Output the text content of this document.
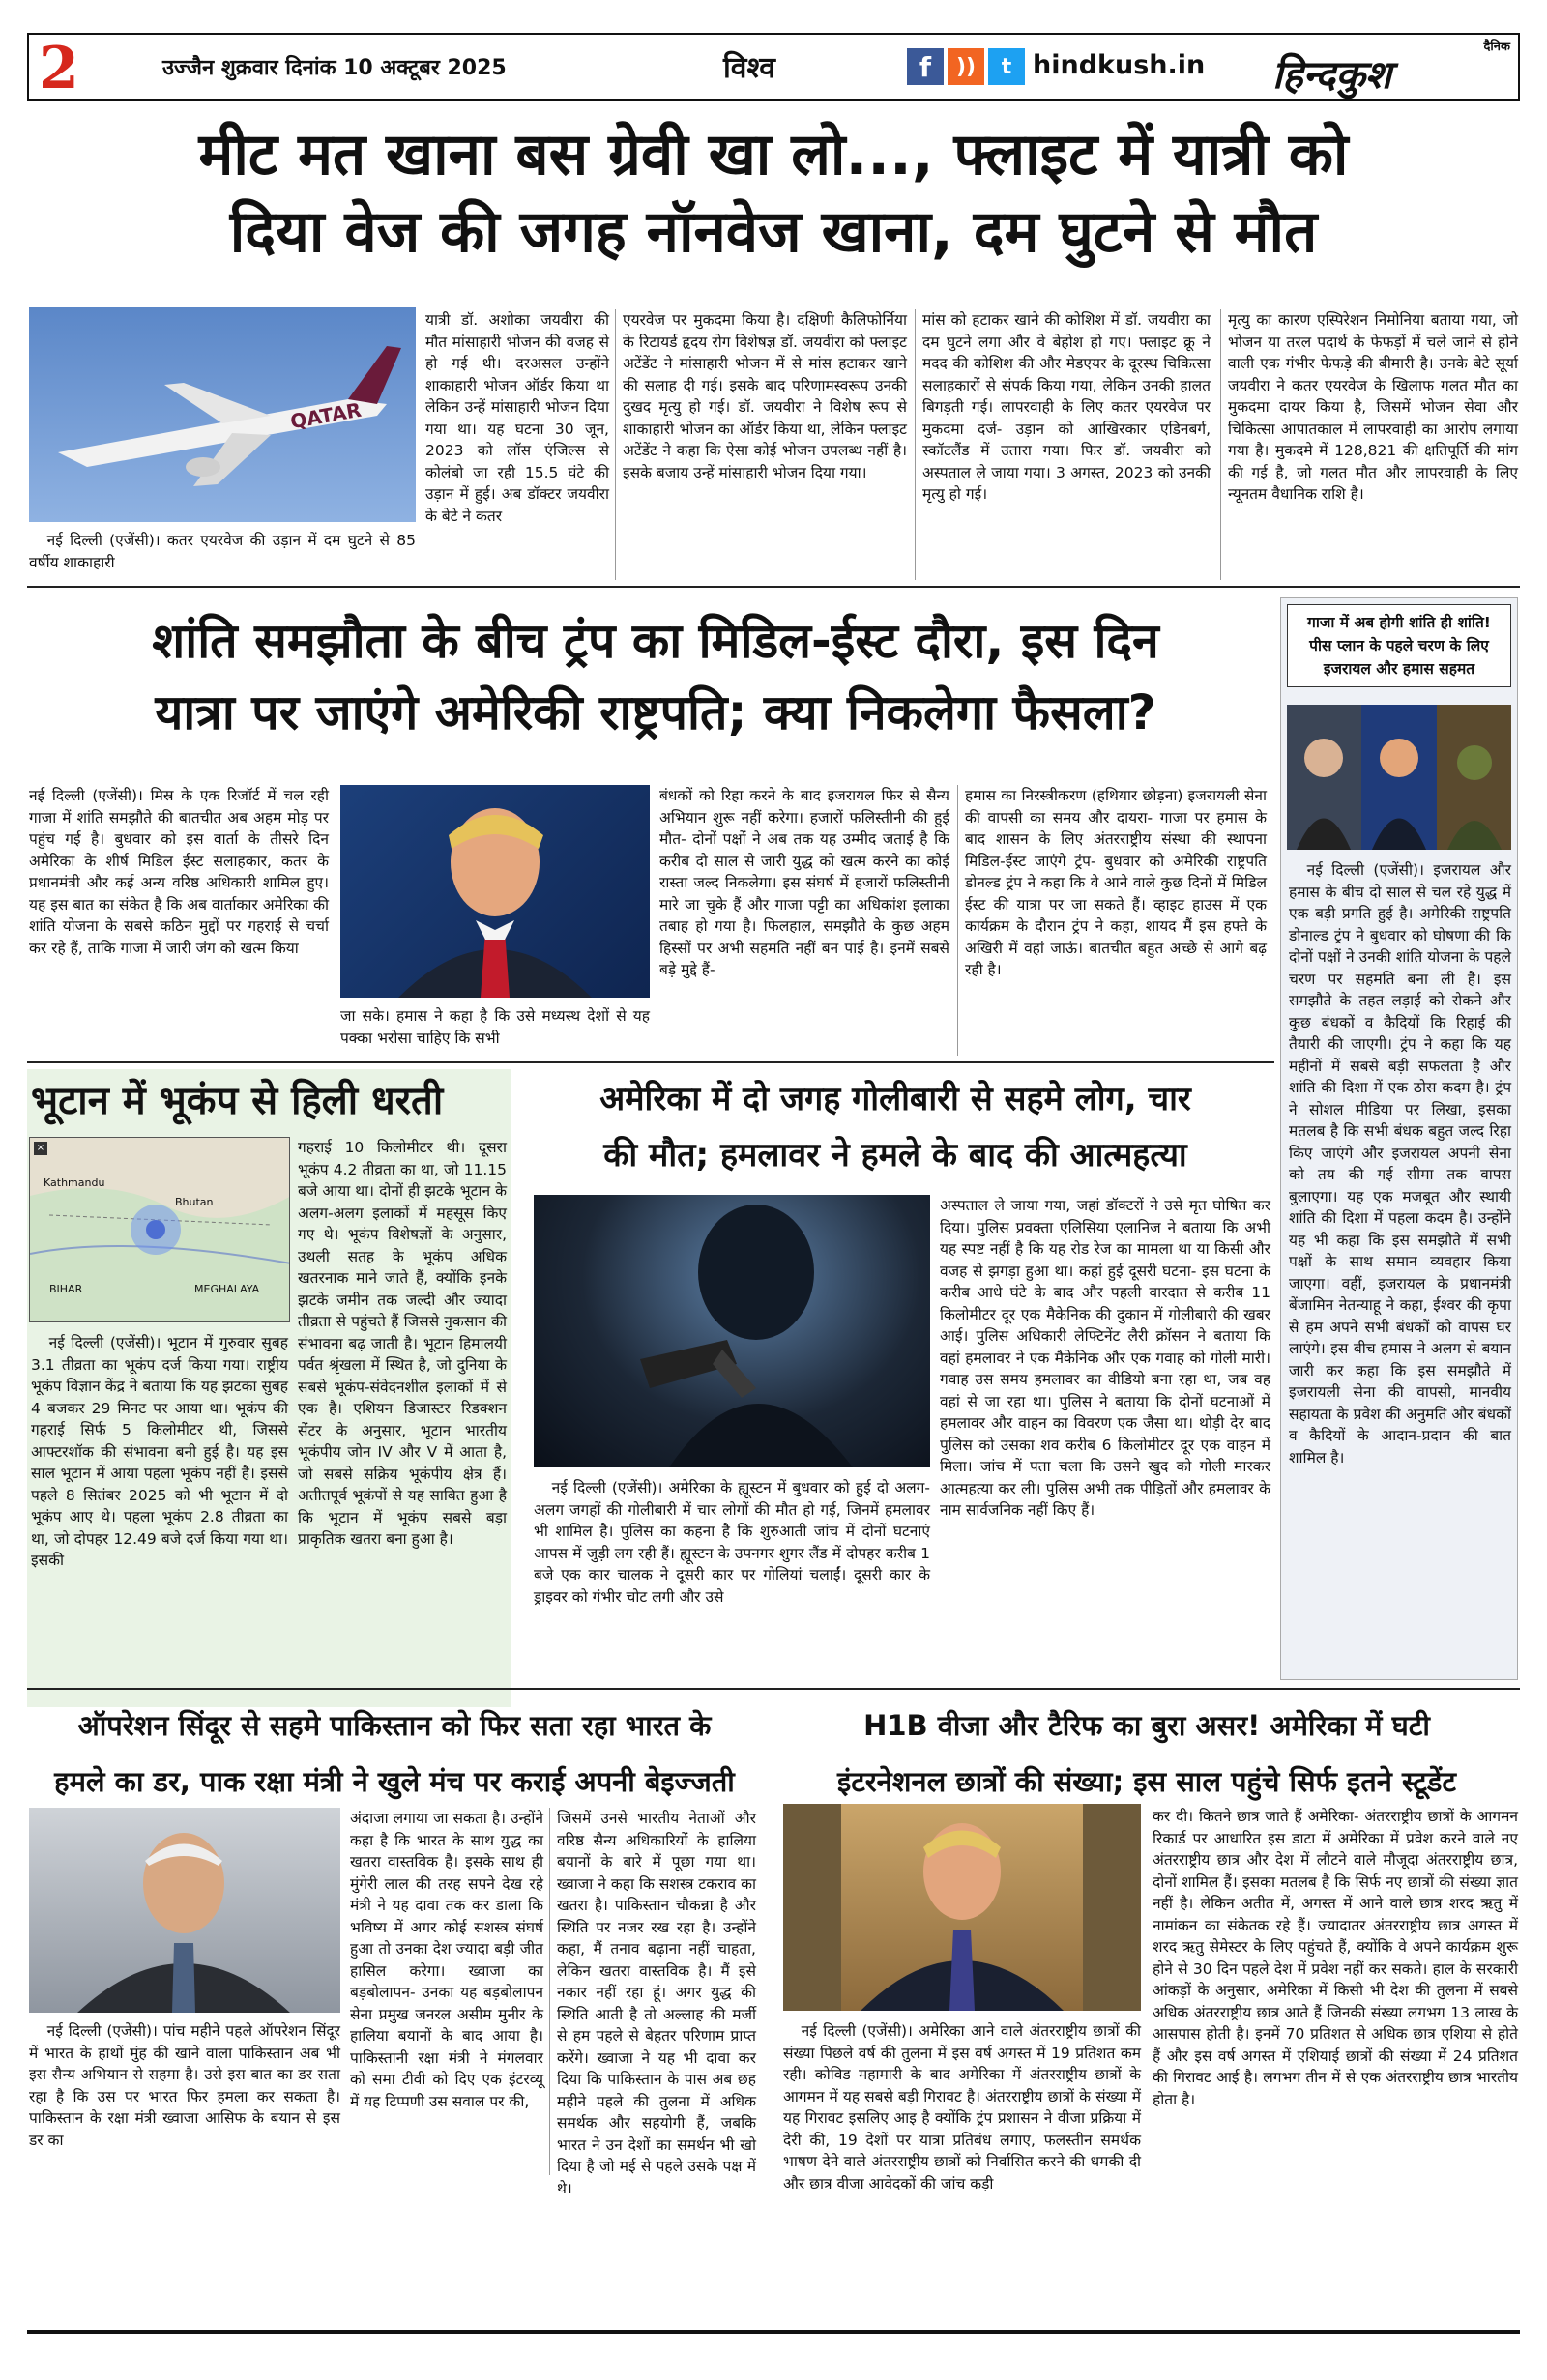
2	उज्जैन शुक्रवार दिनांक 10 अक्टूबर 2025	विश्व	f	))	t hindkush.in
दैनिक
हिन्दकुश
मीट मत खाना बस ग्रेवी खा लो..., फ्लाइट में यात्री को
दिया वेज की जगह नॉनवेज खाना, दम घुटने से मौत
QATAR
नई दिल्ली (एजेंसी)। कतर एयरवेज की उड़ान में दम घुटने से 85 वर्षीय शाकाहारी
यात्री डॉ. अशोका जयवीरा की मौत मांसाहारी भोजन की वजह से हो गई थी। दरअसल उन्होंने शाकाहारी भोजन ऑर्डर किया था लेकिन उन्हें मांसाहारी भोजन दिया गया था। यह घटना 30 जून, 2023 को लॉस एंजिल्स से कोलंबो जा रही 15.5 घंटे की उड़ान में हुई। अब डॉक्टर जयवीरा के बेटे ने कतर
एयरवेज पर मुकदमा किया है। दक्षिणी कैलिफोर्निया के रिटायर्ड हृदय रोग विशेषज्ञ डॉ. जयवीरा को फ्लाइट अटेंडेंट ने मांसाहारी भोजन में से मांस हटाकर खाने की सलाह दी गई। इसके बाद परिणामस्वरूप उनकी दुखद मृत्यु हो गई। डॉ. जयवीरा ने विशेष रूप से शाकाहारी भोजन का ऑर्डर किया था, लेकिन फ्लाइट अटेंडेंट ने कहा कि ऐसा कोई भोजन उपलब्ध नहीं है। इसके बजाय उन्हें मांसाहारी भोजन दिया गया।
मांस को हटाकर खाने की कोशिश में डॉ. जयवीरा का दम घुटने लगा और वे बेहोश हो गए। फ्लाइट क्रू ने मदद की कोशिश की और मेडएयर के दूरस्थ चिकित्सा सलाहकारों से संपर्क किया गया, लेकिन उनकी हालत बिगड़ती गई। लापरवाही के लिए कतर एयरवेज पर मुकदमा दर्ज- उड़ान को आखिरकार एडिनबर्ग, स्कॉटलैंड में उतारा गया। फिर डॉ. जयवीरा को अस्पताल ले जाया गया। 3 अगस्त, 2023 को उनकी मृत्यु हो गई।
मृत्यु का कारण एस्पिरेशन निमोनिया बताया गया, जो भोजन या तरल पदार्थ के फेफड़ों में चले जाने से होने वाली एक गंभीर फेफड़े की बीमारी है। उनके बेटे सूर्या जयवीरा ने कतर एयरवेज के खिलाफ गलत मौत का मुकदमा दायर किया है, जिसमें भोजन सेवा और चिकित्सा आपातकाल में लापरवाही का आरोप लगाया गया है। मुकदमे में 128,821 की क्षतिपूर्ति की मांग की गई है, जो गलत मौत और लापरवाही के लिए न्यूनतम वैधानिक राशि है।
शांति समझौता के बीच ट्रंप का मिडिल-ईस्ट दौरा, इस दिन
यात्रा पर जाएंगे अमेरिकी राष्ट्रपति; क्या निकलेगा फैसला?
नई दिल्ली (एजेंसी)। मिस्र के एक रिजॉर्ट में चल रही गाजा में शांति समझौते की बातचीत अब अहम मोड़ पर पहुंच गई है। बुधवार को इस वार्ता के तीसरे दिन अमेरिका के शीर्ष मिडिल ईस्ट सलाहकार, कतर के प्रधानमंत्री और कई अन्य वरिष्ठ अधिकारी शामिल हुए। यह इस बात का संकेत है कि अब वार्ताकार अमेरिका की शांति योजना के सबसे कठिन मुद्दों पर गहराई से चर्चा कर रहे हैं, ताकि गाजा में जारी जंग को खत्म किया
जा सके। हमास ने कहा है कि उसे मध्यस्थ देशों से यह पक्का भरोसा चाहिए कि सभी
बंधकों को रिहा करने के बाद इजरायल फिर से सैन्य अभियान शुरू नहीं करेगा। हजारों फलिस्तीनी की हुई मौत- दोनों पक्षों ने अब तक यह उम्मीद जताई है कि करीब दो साल से जारी युद्ध को खत्म करने का कोई रास्ता जल्द निकलेगा। इस संघर्ष में हजारों फलिस्तीनी मारे जा चुके हैं और गाजा पट्टी का अधिकांश इलाका तबाह हो गया है। फिलहाल, समझौते के कुछ अहम हिस्सों पर अभी सहमति नहीं बन पाई है। इनमें सबसे बड़े मुद्दे हैं-
हमास का निरस्त्रीकरण (हथियार छोड़ना) इजरायली सेना की वापसी का समय और दायरा- गाजा पर हमास के बाद शासन के लिए अंतरराष्ट्रीय संस्था की स्थापना मिडिल-ईस्ट जाएंगे ट्रंप- बुधवार को अमेरिकी राष्ट्रपति डोनल्ड ट्रंप ने कहा कि वे आने वाले कुछ दिनों में मिडिल ईस्ट की यात्रा पर जा सकते हैं। व्हाइट हाउस में एक कार्यक्रम के दौरान ट्रंप ने कहा, शायद मैं इस हफ्ते के अखिरी में वहां जाऊं। बातचीत बहुत अच्छे से आगे बढ़ रही है।
गाजा में अब होगी शांति ही शांति!
पीस प्लान के पहले चरण के लिए
इजरायल और हमास सहमत
नई दिल्ली (एजेंसी)। इजरायल और हमास के बीच दो साल से चल रहे युद्ध में एक बड़ी प्रगति हुई है। अमेरिकी राष्ट्रपति डोनाल्ड ट्रंप ने बुधवार को घोषणा की कि दोनों पक्षों ने उनकी शांति योजना के पहले चरण पर सहमति बना ली है। इस समझौते के तहत लड़ाई को रोकने और कुछ बंधकों व कैदियों कि रिहाई की तैयारी की जाएगी। ट्रंप ने कहा कि यह महीनों में सबसे बड़ी सफलता है और शांति की दिशा में एक ठोस कदम है। ट्रंप ने सोशल मीडिया पर लिखा, इसका मतलब है कि सभी बंधक बहुत जल्द रिहा किए जाएंगे और इजरायल अपनी सेना को तय की गई सीमा तक वापस बुलाएगा। यह एक मजबूत और स्थायी शांति की दिशा में पहला कदम है। उन्होंने यह भी कहा कि इस समझौते में सभी पक्षों के साथ समान व्यवहार किया जाएगा। वहीं, इजरायल के प्रधानमंत्री बेंजामिन नेतन्याहू ने कहा, ईश्वर की कृपा से हम अपने सभी बंधकों को वापस घर लाएंगे। इस बीच हमास ने अलग से बयान जारी कर कहा कि इस समझौते में इजरायली सेना की वापसी, मानवीय सहायता के प्रवेश की अनुमति और बंधकों व कैदियों के आदान-प्रदान की बात शामिल है।
भूटान में भूकंप से हिली धरती
Kathmandu
Bhutan
BIHAR	MEGHALAYA
×
नई दिल्ली (एजेंसी)। भूटान में गुरुवार सुबह 3.1 तीव्रता का भूकंप दर्ज किया गया। राष्ट्रीय भूकंप विज्ञान केंद्र ने बताया कि यह झटका सुबह 4 बजकर 29 मिनट पर आया था। भूकंप की गहराई सिर्फ 5 किलोमीटर थी, जिससे आफ्टरशॉक की संभावना बनी हुई है। यह इस साल भूटान में आया पहला भूकंप नहीं है। इससे पहले 8 सितंबर 2025 को भी भूटान में दो भूकंप आए थे। पहला भूकंप 2.8 तीव्रता का था, जो दोपहर 12.49 बजे दर्ज किया गया था। इसकी
गहराई 10 किलोमीटर थी। दूसरा भूकंप 4.2 तीव्रता का था, जो 11.15 बजे आया था। दोनों ही झटके भूटान के अलग-अलग इलाकों में महसूस किए गए थे। भूकंप विशेषज्ञों के अनुसार, उथली सतह के भूकंप अधिक खतरनाक माने जाते हैं, क्योंकि इनके झटके जमीन तक जल्दी और ज्यादा तीव्रता से पहुंचते हैं जिससे नुकसान की संभावना बढ़ जाती है। भूटान हिमालयी पर्वत श्रृंखला में स्थित है, जो दुनिया के सबसे भूकंप-संवेदनशील इलाकों में से एक है। एशियन डिजास्टर रिडक्शन सेंटर के अनुसार, भूटान भारतीय भूकंपीय जोन IV और V में आता है, जो सबसे सक्रिय भूकंपीय क्षेत्र हैं। अतीतपूर्व भूकंपों से यह साबित हुआ है कि भूटान में भूकंप सबसे बड़ा प्राकृतिक खतरा बना हुआ है।
अमेरिका में दो जगह गोलीबारी से सहमे लोग, चार
की मौत; हमलावर ने हमले के बाद की आत्महत्या
नई दिल्ली (एजेंसी)। अमेरिका के ह्यूस्टन में बुधवार को हुई दो अलग-अलग जगहों की गोलीबारी में चार लोगों की मौत हो गई, जिनमें हमलावर भी शामिल है। पुलिस का कहना है कि शुरुआती जांच में दोनों घटनाएं आपस में जुड़ी लग रही हैं। ह्यूस्टन के उपनगर शुगर लैंड में दोपहर करीब 1 बजे एक कार चालक ने दूसरी कार पर गोलियां चलाईं। दूसरी कार के ड्राइवर को गंभीर चोट लगी और उसे
अस्पताल ले जाया गया, जहां डॉक्टरों ने उसे मृत घोषित कर दिया। पुलिस प्रवक्ता एलिसिया एलानिज ने बताया कि अभी यह स्पष्ट नहीं है कि यह रोड रेज का मामला था या किसी और वजह से झगड़ा हुआ था। कहां हुई दूसरी घटना- इस घटना के करीब आधे घंटे के बाद और पहली वारदात से करीब 11 किलोमीटर दूर एक मैकेनिक की दुकान में गोलीबारी की खबर आई। पुलिस अधिकारी लेफ्टिनेंट लैरी क्रॉसन ने बताया कि वहां हमलावर ने एक मैकेनिक और एक गवाह को गोली मारी। गवाह उस समय हमलावर का वीडियो बना रहा था, जब वह वहां से जा रहा था। पुलिस ने बताया कि दोनों घटनाओं में हमलावर और वाहन का विवरण एक जैसा था। थोड़ी देर बाद पुलिस को उसका शव करीब 6 किलोमीटर दूर एक वाहन में मिला। जांच में पता चला कि उसने खुद को गोली मारकर आत्महत्या कर ली। पुलिस अभी तक पीड़ितों और हमलावर के नाम सार्वजनिक नहीं किए हैं।
ऑपरेशन सिंदूर से सहमे पाकिस्तान को फिर सता रहा भारत के
हमले का डर, पाक रक्षा मंत्री ने खुले मंच पर कराई अपनी बेइज्जती
नई दिल्ली (एजेंसी)। पांच महीने पहले ऑपरेशन सिंदूर में भारत के हाथों मुंह की खाने वाला पाकिस्तान अब भी इस सैन्य अभियान से सहमा है। उसे इस बात का डर सता रहा है कि उस पर भारत फिर हमला कर सकता है। पाकिस्तान के रक्षा मंत्री ख्वाजा आसिफ के बयान से इस डर का
अंदाजा लगाया जा सकता है। उन्होंने कहा है कि भारत के साथ युद्ध का खतरा वास्तविक है। इसके साथ ही मुंगेरी लाल की तरह सपने देख रहे मंत्री ने यह दावा तक कर डाला कि भविष्य में अगर कोई सशस्त्र संघर्ष हुआ तो उनका देश ज्यादा बड़ी जीत हासिल करेगा। ख्वाजा का बड़बोलापन- उनका यह बड़बोलापन सेना प्रमुख जनरल असीम मुनीर के हालिया बयानों के बाद आया है। पाकिस्तानी रक्षा मंत्री ने मंगलवार को समा टीवी को दिए एक इंटरव्यू में यह टिप्पणी उस सवाल पर की,
जिसमें उनसे भारतीय नेताओं और वरिष्ठ सैन्य अधिकारियों के हालिया बयानों के बारे में पूछा गया था। ख्वाजा ने कहा कि सशस्त्र टकराव का खतरा है। पाकिस्तान चौकन्ना है और स्थिति पर नजर रख रहा है। उन्होंने कहा, मैं तनाव बढ़ाना नहीं चाहता, लेकिन खतरा वास्तविक है। मैं इसे नकार नहीं रहा हूं। अगर युद्ध की स्थिति आती है तो अल्लाह की मर्जी से हम पहले से बेहतर परिणाम प्राप्त करेंगे। ख्वाजा ने यह भी दावा कर दिया कि पाकिस्तान के पास अब छह महीने पहले की तुलना में अधिक समर्थक और सहयोगी हैं, जबकि भारत ने उन देशों का समर्थन भी खो दिया है जो मई से पहले उसके पक्ष में थे।
H1B वीजा और टैरिफ का बुरा असर! अमेरिका में घटी
इंटरनेशनल छात्रों की संख्या; इस साल पहुंचे सिर्फ इतने स्टूडेंट
नई दिल्ली (एजेंसी)। अमेरिका आने वाले अंतरराष्ट्रीय छात्रों की संख्या पिछले वर्ष की तुलना में इस वर्ष अगस्त में 19 प्रतिशत कम रही। कोविड महामारी के बाद अमेरिका में अंतरराष्ट्रीय छात्रों के आगमन में यह सबसे बड़ी गिरावट है। अंतरराष्ट्रीय छात्रों के संख्या में यह गिरावट इसलिए आइ है क्योंकि ट्रंप प्रशासन ने वीजा प्रक्रिया में देरी की, 19 देशों पर यात्रा प्रतिबंध लगाए, फलस्तीन समर्थक भाषण देने वाले अंतरराष्ट्रीय छात्रों को निर्वासित करने की धमकी दी और छात्र वीजा आवेदकों की जांच कड़ी
कर दी। कितने छात्र जाते हैं अमेरिका- अंतरराष्ट्रीय छात्रों के आगमन रिकार्ड पर आधारित इस डाटा में अमेरिका में प्रवेश करने वाले नए अंतरराष्ट्रीय छात्र और देश में लौटने वाले मौजूदा अंतरराष्ट्रीय छात्र, दोनों शामिल हैं। इसका मतलब है कि सिर्फ नए छात्रों की संख्या ज्ञात नहीं है। लेकिन अतीत में, अगस्त में आने वाले छात्र शरद ऋतु में नामांकन का संकेतक रहे हैं। ज्यादातर अंतरराष्ट्रीय छात्र अगस्त में शरद ऋतु सेमेस्टर के लिए पहुंचते हैं, क्योंकि वे अपने कार्यक्रम शुरू होने से 30 दिन पहले देश में प्रवेश नहीं कर सकते। हाल के सरकारी आंकड़ों के अनुसार, अमेरिका में किसी भी देश की तुलना में सबसे अधिक अंतरराष्ट्रीय छात्र आते हैं जिनकी संख्या लगभग 13 लाख के आसपास होती है। इनमें 70 प्रतिशत से अधिक छात्र एशिया से होते हैं और इस वर्ष अगस्त में एशियाई छात्रों की संख्या में 24 प्रतिशत की गिरावट आई है। लगभग तीन में से एक अंतरराष्ट्रीय छात्र भारतीय होता है।
